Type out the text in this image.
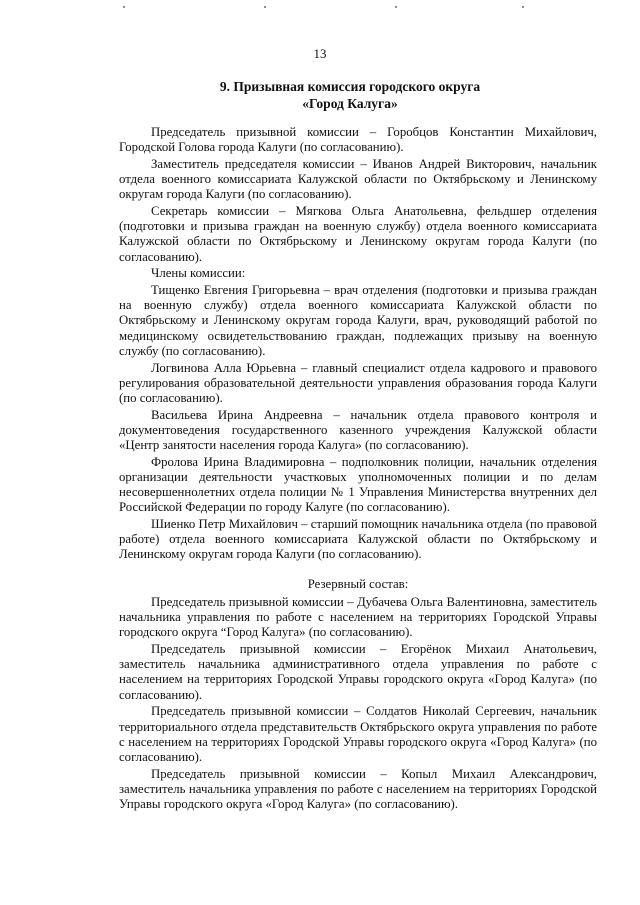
13
9. Призывная комиссия городского округа
«Город Калуга»

Председатель призывной комиссии – Горобцов Константин Михайлович, Городской Голова города Калуги (по согласованию).

Заместитель председателя комиссии – Иванов Андрей Викторович, начальник отдела военного комиссариата Калужской области по Октябрьскому и Ленинскому округам города Калуги (по согласованию).

Секретарь комиссии – Мягкова Ольга Анатольевна, фельдшер отделения (подготовки и призыва граждан на военную службу) отдела военного комиссариата Калужской области по Октябрьскому и Ленинскому округам города Калуги (по согласованию).

Члены комиссии:

Тищенко Евгения Григорьевна – врач отделения (подготовки и призыва граждан на военную службу) отдела военного комиссариата Калужской области по Октябрьскому и Ленинскому округам города Калуги, врач, руководящий работой по медицинскому освидетельствованию граждан, подлежащих призыву на военную службу (по согласованию).

Логвинова Алла Юрьевна – главный специалист отдела кадрового и правового регулирования образовательной деятельности управления образования города Калуги (по согласованию).

Васильева Ирина Андреевна – начальник отдела правового контроля и документоведения государственного казенного учреждения Калужской области «Центр занятости населения города Калуга» (по согласованию).

Фролова Ирина Владимировна – подполковник полиции, начальник отделения организации деятельности участковых уполномоченных полиции и по делам несовершеннолетних отдела полиции № 1 Управления Министерства внутренних дел Российской Федерации по городу Калуге (по согласованию).

Шиенко Петр Михайлович – старший помощник начальника отдела (по правовой работе) отдела военного комиссариата Калужской области по Октябрьскому и Ленинскому округам города Калуги (по согласованию).

Резервный состав:

Председатель призывной комиссии – Дубачева Ольга Валентиновна, заместитель начальника управления по работе с населением на территориях Городской Управы городского округа “Город Калуга» (по согласованию).

Председатель призывной комиссии – Егорёнок Михаил Анатольевич, заместитель начальника административного отдела управления по работе с населением на территориях Городской Управы городского округа «Город Калуга» (по согласованию).

Председатель призывной комиссии – Солдатов Николай Сергеевич, начальник территориального отдела представительств Октябрьского округа управления по работе с населением на территориях Городской Управы городского округа «Город Калуга» (по согласованию).

Председатель призывной комиссии – Копыл Михаил Александрович, заместитель начальника управления по работе с населением на территориях Городской Управы городского округа «Город Калуга» (по согласованию).
